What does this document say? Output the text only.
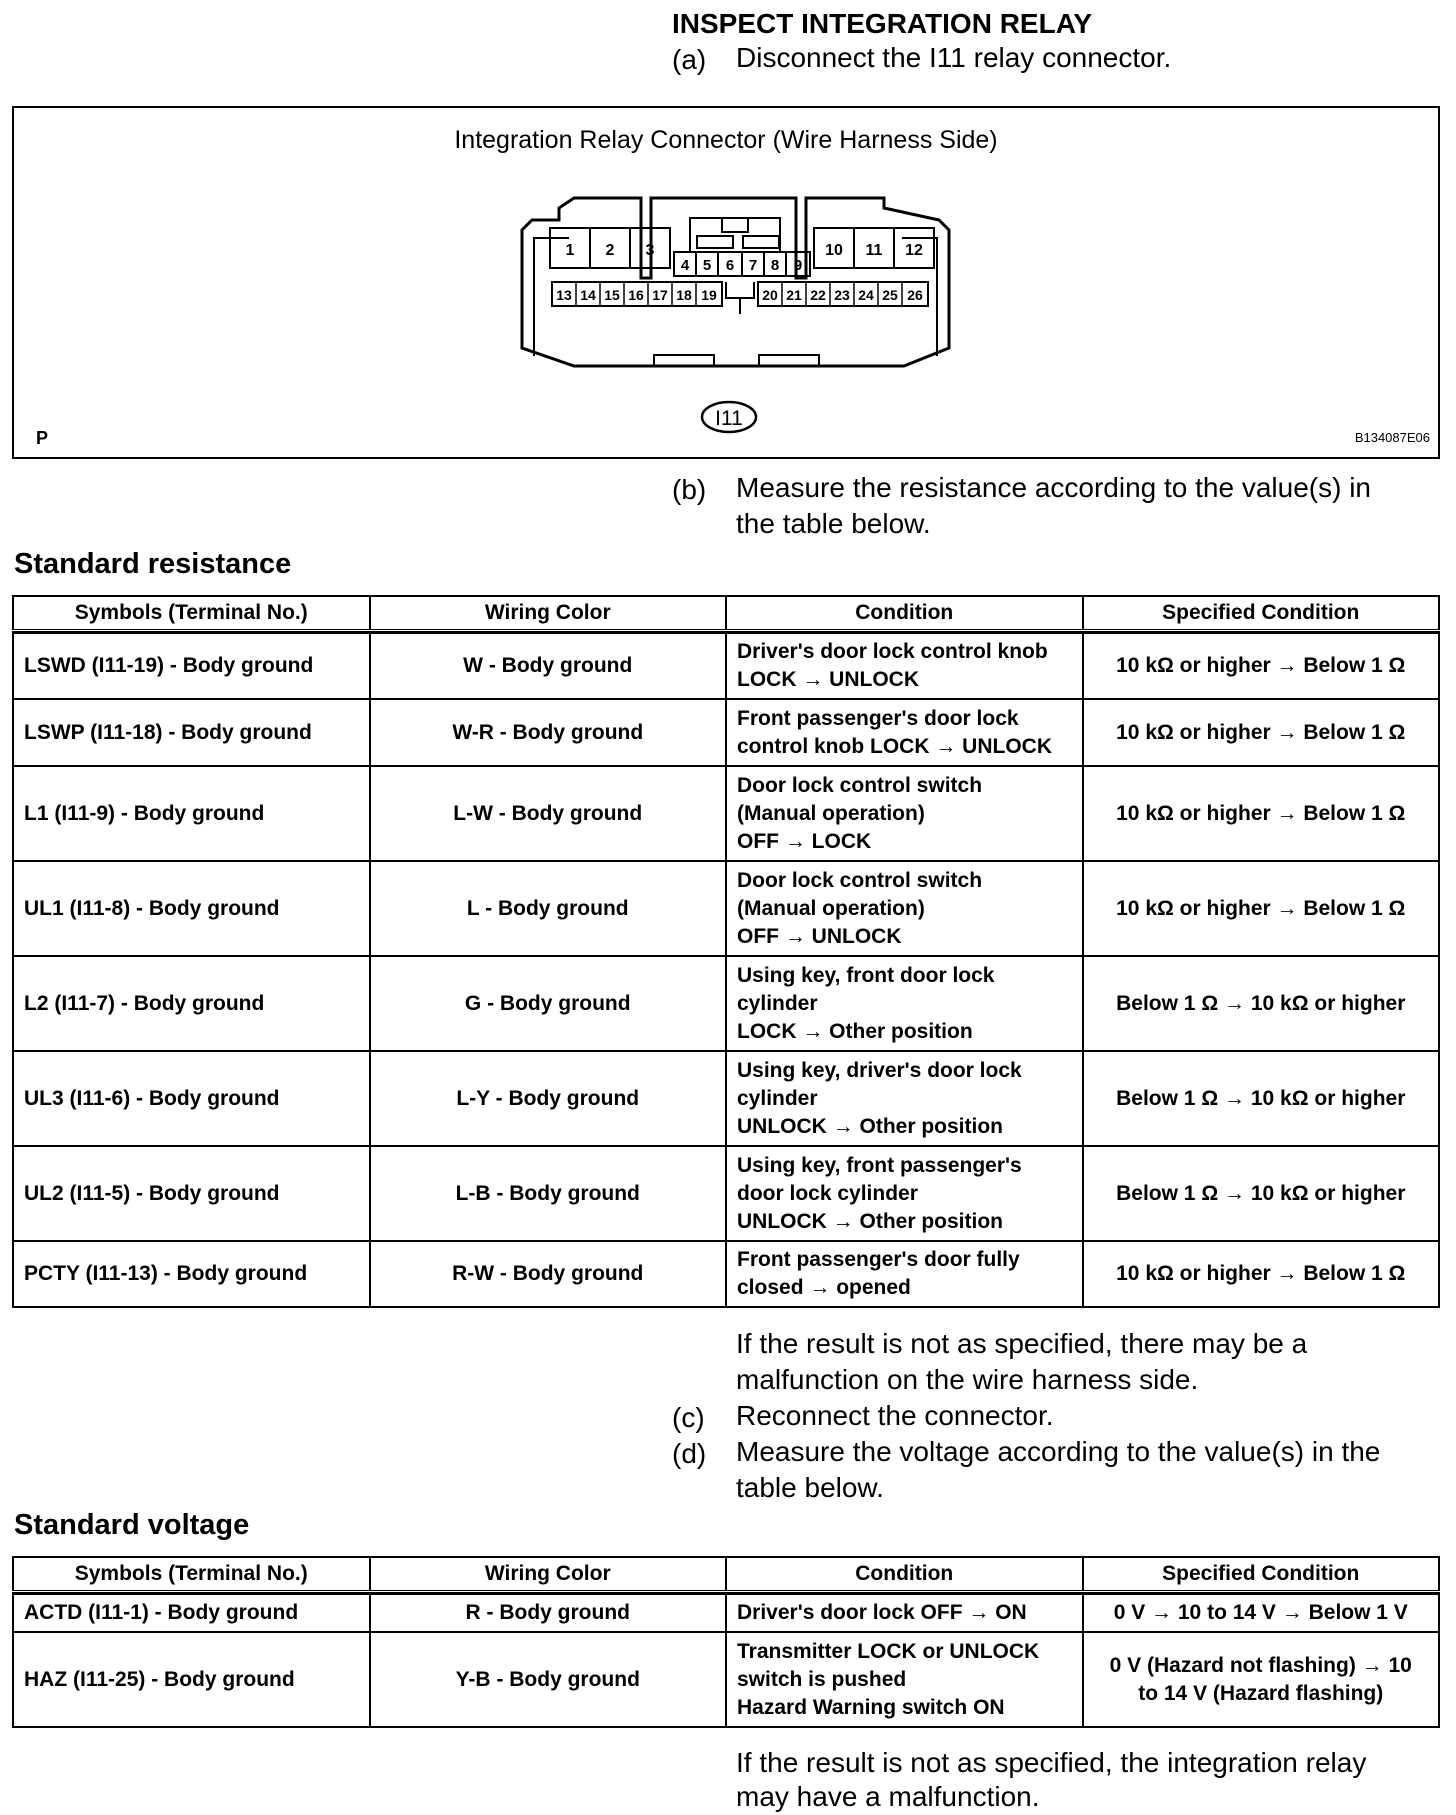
INSPECT INTEGRATION RELAY
(a) Disconnect the I11 relay connector.
Integration Relay Connector (Wire Harness Side)
1 2 3	10 11 12
4 5 6 7 8 9
13 14 15 16 17 18 19	20 21 22 23 24 25 26
I11
P	B134087E06
(b) Measure the resistance according to the value(s) in
the table below.
Standard resistance
Symbols (Terminal No.)	Wiring Color	Condition	Specified Condition

LSWD (I11-19) - Body ground	W - Body ground	Driver's door lock control knob
LOCK → UNLOCK	10 kΩ or higher → Below 1 Ω
LSWP (I11-18) - Body ground	W-R - Body ground	Front passenger's door lock
control knob LOCK → UNLOCK	10 kΩ or higher → Below 1 Ω
L1 (I11-9) - Body ground	L-W - Body ground	Door lock control switch
(Manual operation)
OFF → LOCK	10 kΩ or higher → Below 1 Ω
UL1 (I11-8) - Body ground	L - Body ground	Door lock control switch
(Manual operation)
OFF → UNLOCK	10 kΩ or higher → Below 1 Ω
L2 (I11-7) - Body ground	G - Body ground	Using key, front door lock
cylinder
LOCK → Other position	Below 1 Ω → 10 kΩ or higher
UL3 (I11-6) - Body ground	L-Y - Body ground	Using key, driver's door lock
cylinder
UNLOCK → Other position	Below 1 Ω → 10 kΩ or higher
UL2 (I11-5) - Body ground	L-B - Body ground	Using key, front passenger's
door lock cylinder
UNLOCK → Other position	Below 1 Ω → 10 kΩ or higher
PCTY (I11-13) - Body ground	R-W - Body ground	Front passenger's door fully
closed → opened	10 kΩ or higher → Below 1 Ω
If the result is not as specified, there may be a
malfunction on the wire harness side.
(c) Reconnect the connector.
(d) Measure the voltage according to the value(s) in the
table below.
Standard voltage
Symbols (Terminal No.)	Wiring Color	Condition	Specified Condition

ACTD (I11-1) - Body ground	R - Body ground	Driver's door lock OFF → ON	0 V → 10 to 14 V → Below 1 V
HAZ (I11-25) - Body ground	Y-B - Body ground	Transmitter LOCK or UNLOCK
switch is pushed
Hazard Warning switch ON	0 V (Hazard not flashing) → 10
to 14 V (Hazard flashing)
If the result is not as specified, the integration relay
may have a malfunction.
